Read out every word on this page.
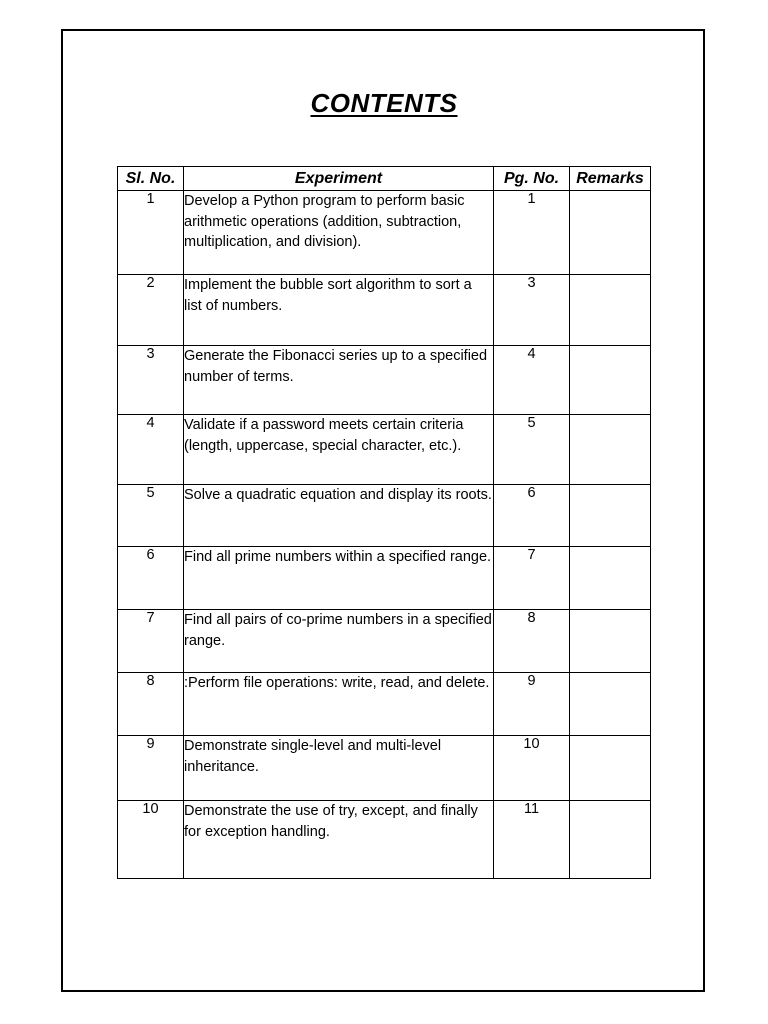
CONTENTS
Sl. No.	Experiment	Pg. No.	Remarks
1	Develop a Python program to perform basic arithmetic operations (addition, subtraction, multiplication, and division).	1	
2	Implement the bubble sort algorithm to sort a list of numbers.	3	
3	Generate the Fibonacci series up to a specified number of terms.	4	
4	Validate if a password meets certain criteria (length, uppercase, special character, etc.).	5	
5	Solve a quadratic equation and display its roots.	6	
6	Find all prime numbers within a specified range.	7	
7	Find all pairs of co-prime numbers in a specified range.	8	
8	:Perform file operations: write, read, and delete.	9	
9	Demonstrate single-level and multi-level inheritance.	10	
10	Demonstrate the use of try, except, and finally for exception handling.	11	
